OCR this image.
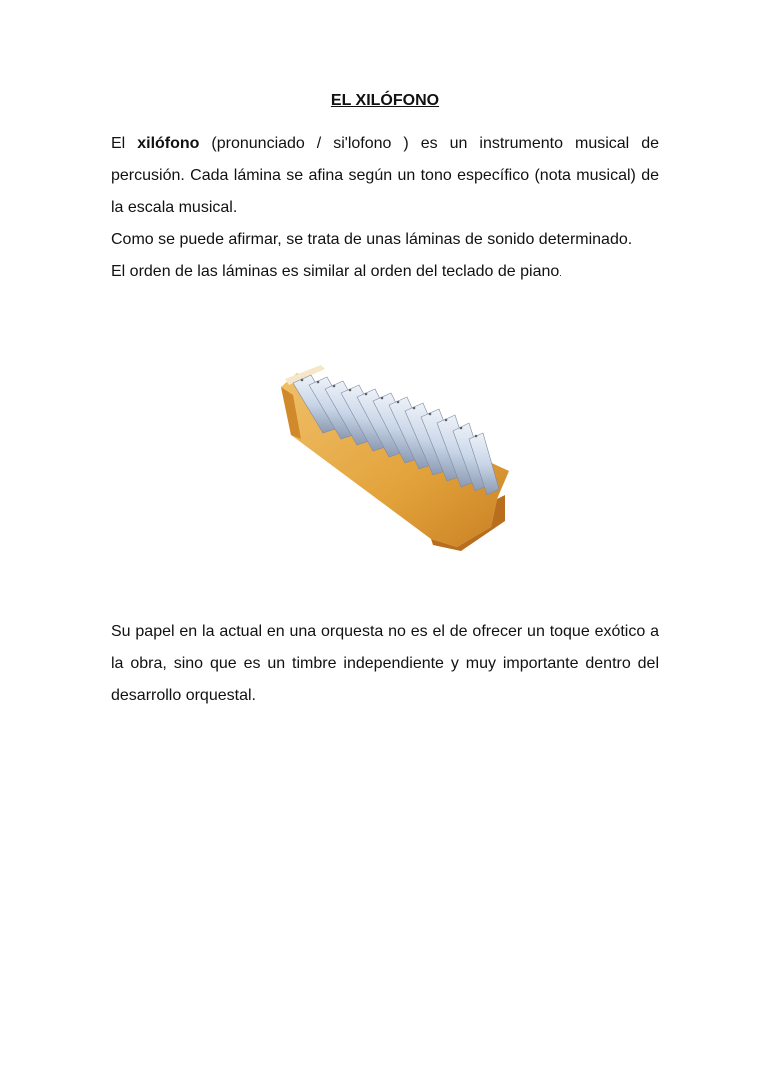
EL XILÓFONO

El xilófono (pronunciado / si'lofono ) es un instrumento musical de percusión. Cada lámina se afina según un tono específico (nota musical) de la escala musical.

Como se puede afirmar, se trata de unas láminas de sonido determinado.

El orden de las láminas es similar al orden del teclado de piano.

Su papel en la actual en una orquesta no es el de ofrecer un toque exótico a la obra, sino que es un timbre independiente y muy importante dentro del desarrollo orquestal.
